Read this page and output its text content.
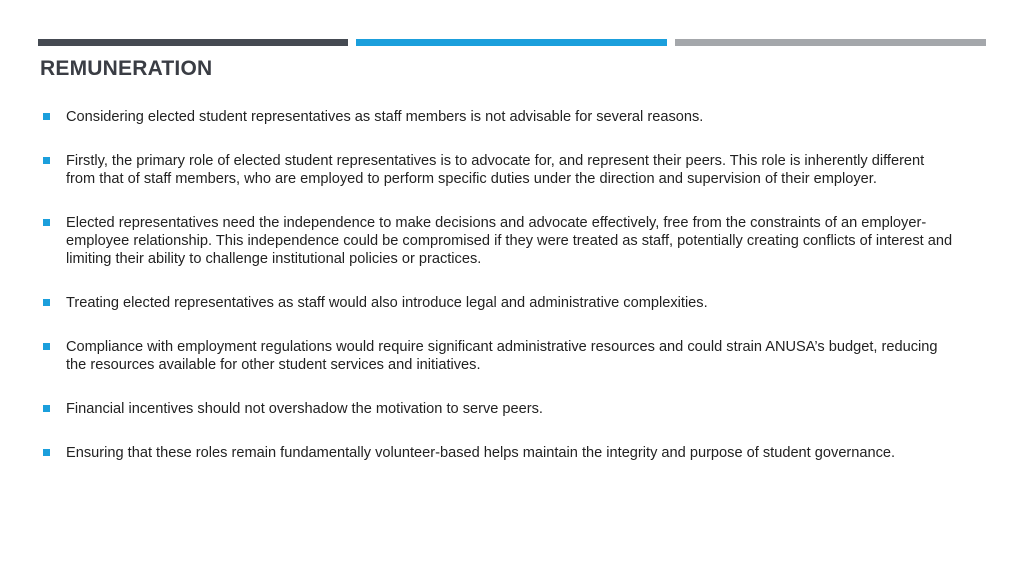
REMUNERATION
Considering elected student representatives as staff members is not advisable for several reasons.
Firstly, the primary role of elected student representatives is to advocate for, and represent their peers. This role is inherently different from that of staff members, who are employed to perform specific duties under the direction and supervision of their employer.
Elected representatives need the independence to make decisions and advocate effectively, free from the constraints of an employer-employee relationship. This independence could be compromised if they were treated as staff, potentially creating conflicts of interest and limiting their ability to challenge institutional policies or practices.
Treating elected representatives as staff would also introduce legal and administrative complexities.
Compliance with employment regulations would require significant administrative resources and could strain ANUSA’s budget, reducing the resources available for other student services and initiatives.
Financial incentives should not overshadow the motivation to serve peers.
Ensuring that these roles remain fundamentally volunteer-based helps maintain the integrity and purpose of student governance.
